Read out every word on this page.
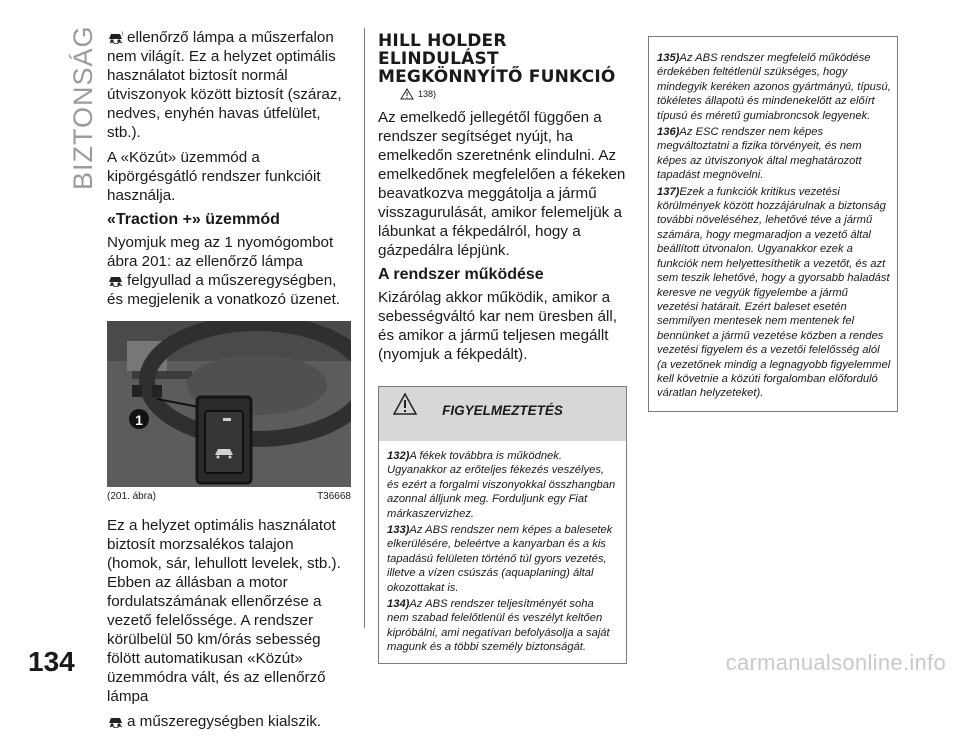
BIZTONSÁG	! ellenőrző lámpa a műszerfalon nem világít. Ez a helyzet optimális használatot biztosít normál útviszonyok között biztosít (száraz, nedves, enyhén havas útfelület, stb.).

A «Közút» üzemmód a kipörgésgátló rendszer funkcióit használja.

«Traction +» üzemmód

Nyomjuk meg az 1 nyomógombot ábra 201: az ellenőrző lámpa

felgyullad a műszeregységben, és megjelenik a vonatkozó üzenet.

1
(201. ábra)	T36668

Ez a helyzet optimális használatot biztosít morzsalékos talajon (homok, sár, lehullott levelek, stb.). Ebben az állásban a motor fordulatszámának ellenőrzése a vezető felelőssége. A rendszer körülbelül 50 km/órás sebesség fölött automatikusan «Közút» üzemmódra vált, és az ellenőrző lámpa

a műszeregységben kialszik.

HILL HOLDER
ELINDULÁST
MEGKÖNNYÍTŐ FUNKCIÓ
138)

Az emelkedő jellegétől függően a rendszer segítséget nyújt, ha emelkedőn szeretnénk elindulni. Az emelkedőnek megfelelően a fékeken beavatkozva meggátolja a jármű visszagurulását, amikor felemeljük a lábunkat a fékpedálról, hogy a gázpedálra lépjünk.

A rendszer működése

Kizárólag akkor működik, amikor a sebességváltó kar nem üresben áll, és amikor a jármű teljesen megállt (nyomjuk a fékpedált).

FIGYELMEZTETÉS

132)A fékek továbbra is működnek. Ugyanakkor az erőteljes fékezés veszélyes, és ezért a forgalmi viszonyokkal összhangban azonnal álljunk meg. Forduljunk egy Fiat márkaszervizhez.

133)Az ABS rendszer nem képes a balesetek elkerülésére, beleértve a kanyarban és a kis tapadású felületen történő túl gyors vezetés, illetve a vízen csúszás (aquaplaning) által okozottakat is.

134)Az ABS rendszer teljesítményét soha nem szabad felelőtlenül és veszélyt keltően kipróbálni, ami negatívan befolyásolja a saját magunk és a többi személy biztonságát.

135)Az ABS rendszer megfelelő működése érdekében feltétlenül szükséges, hogy mindegyik keréken azonos gyártmányú, típusú, tökéletes állapotú és mindenekelőtt az előírt típusú és méretű gumiabroncsok legyenek.

136)Az ESC rendszer nem képes megváltoztatni a fizika törvényeit, és nem képes az útviszonyok által meghatározott tapadást megnövelni.

137)Ezek a funkciók kritikus vezetési körülmények között hozzájárulnak a biztonság további növeléséhez, lehetővé téve a jármű számára, hogy megmaradjon a vezető által beállított útvonalon. Ugyanakkor ezek a funkciók nem helyettesíthetik a vezetőt, és azt sem teszik lehetővé, hogy a gyorsabb haladást keresve ne vegyük figyelembe a jármű vezetési határait. Ezért baleset esetén semmilyen mentesek nem mentenek fel bennünket a jármű vezetése közben a rendes vezetési figyelem és a vezetői felelősség alól (a vezetőnek mindig a legnagyobb figyelemmel kell követnie a közúti forgalomban előforduló váratlan helyzeteket).

134	carmanualsonline.info
